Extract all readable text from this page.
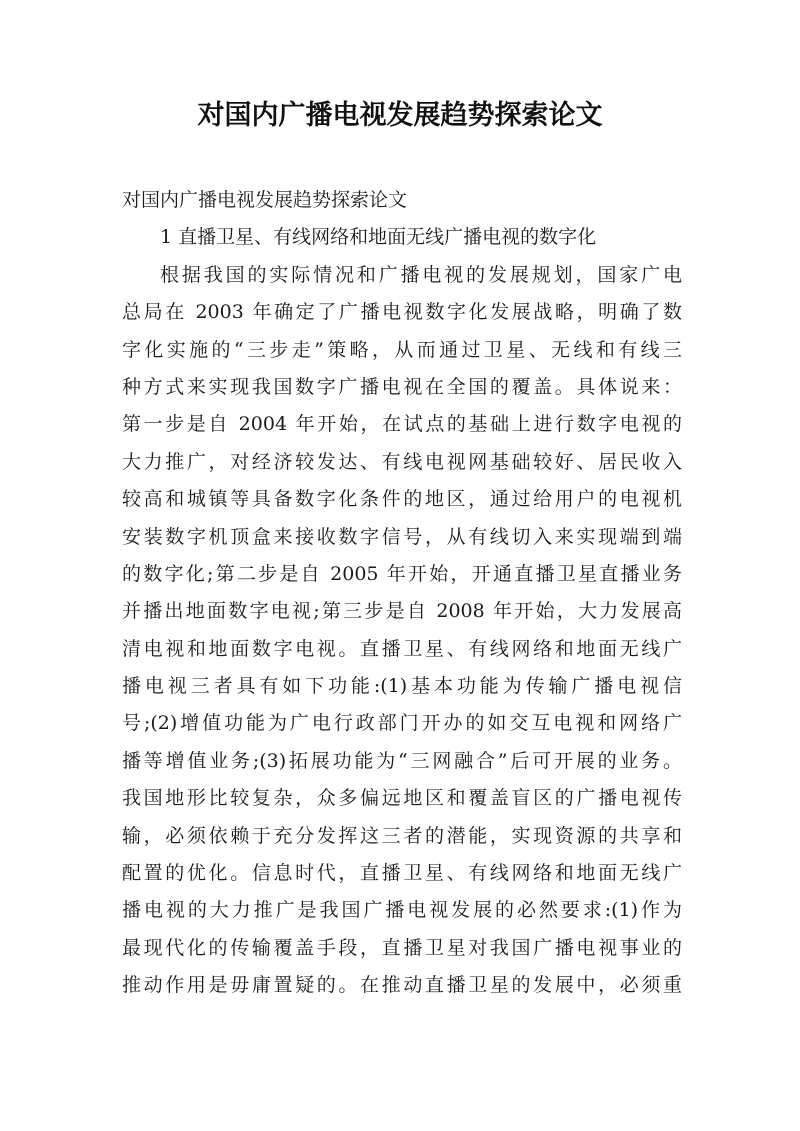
对国内广播电视发展趋势探索论文
对国内广播电视发展趋势探索论文
1 直播卫星、有线网络和地面无线广播电视的数字化
根据我国的实际情况和广播电视的发展规划，国家广电
总局在 2003 年确定了广播电视数字化发展战略，明确了数
字化实施的“三步走”策略，从而通过卫星、无线和有线三
种方式来实现我国数字广播电视在全国的覆盖。具体说来：
第一步是自 2004 年开始，在试点的基础上进行数字电视的
大力推广，对经济较发达、有线电视网基础较好、居民收入
较高和城镇等具备数字化条件的地区，通过给用户的电视机
安装数字机顶盒来接收数字信号，从有线切入来实现端到端
的数字化;第二步是自 2005 年开始，开通直播卫星直播业务
并播出地面数字电视;第三步是自 2008 年开始，大力发展高
清电视和地面数字电视。直播卫星、有线网络和地面无线广
播电视三者具有如下功能:(1)基本功能为传输广播电视信
号;(2)增值功能为广电行政部门开办的如交互电视和网络广
播等增值业务;(3)拓展功能为“三网融合”后可开展的业务。
我国地形比较复杂，众多偏远地区和覆盖盲区的广播电视传
输，必须依赖于充分发挥这三者的潜能，实现资源的共享和
配置的优化。信息时代，直播卫星、有线网络和地面无线广
播电视的大力推广是我国广播电视发展的必然要求:(1)作为
最现代化的传输覆盖手段，直播卫星对我国广播电视事业的
推动作用是毋庸置疑的。在推动直播卫星的发展中，必须重
